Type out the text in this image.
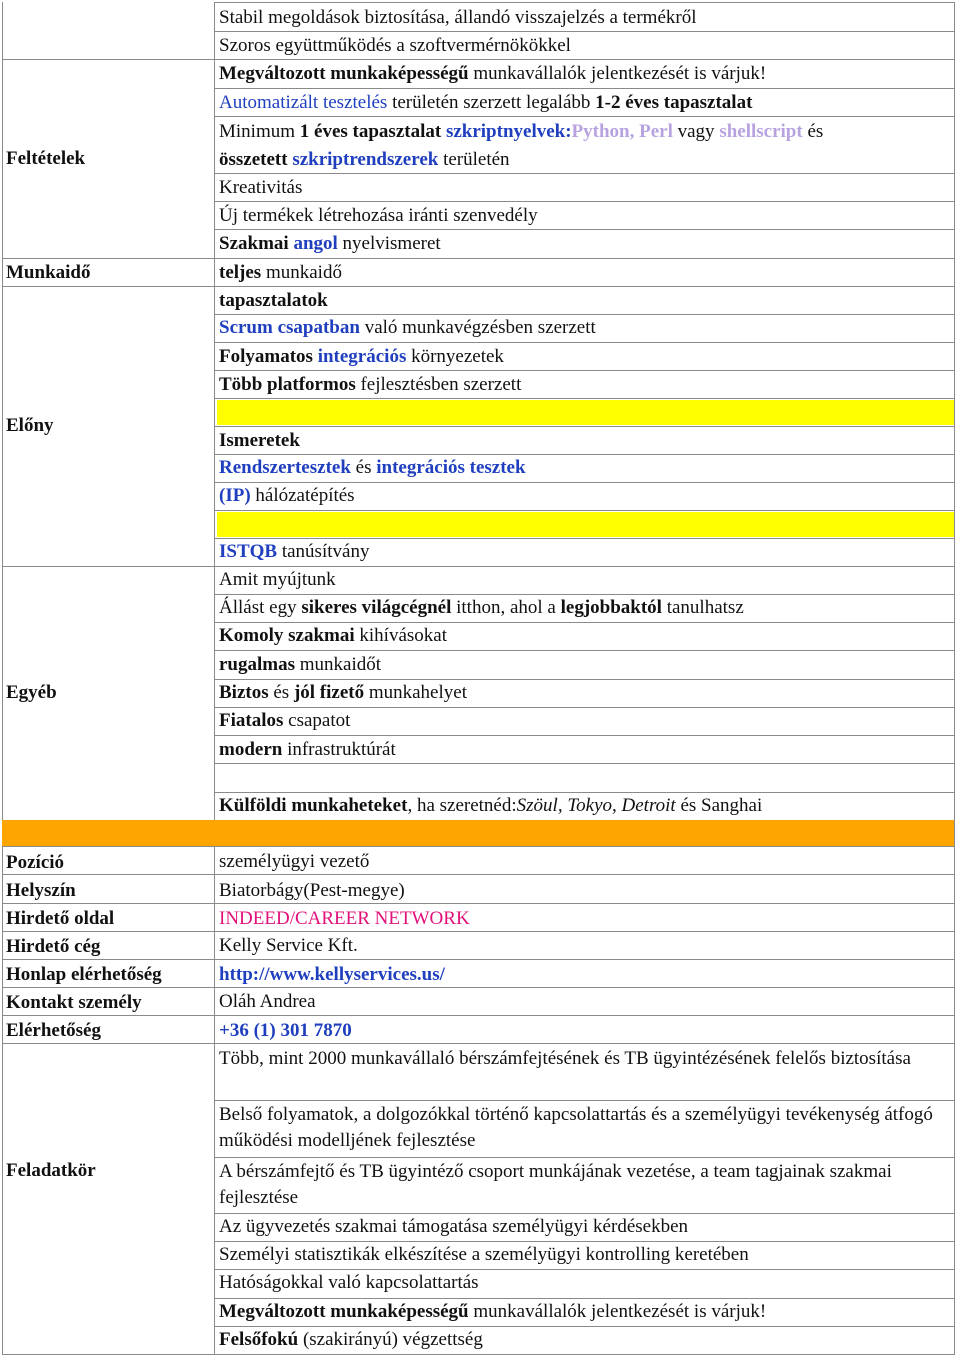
Feltételek
Munkaidő
Előny
Egyéb
Pozíció
Helyszín
Hirdető oldal
Hirdető cég
Honlap elérhetőség
Kontakt személy
Elérhetőség
Feladatkör
Stabil megoldások biztosítása, állandó visszajelzés a termékről
Szoros együttműködés a szoftvermérnökökkel
Megváltozott munkaképességű munkavállalók jelentkezését is várjuk!
Automatizált tesztelés területén szerzett legalább 1-2 éves tapasztalat
Minimum 1 éves tapasztalat szkriptnyelvek:Python, Perl vagy shellscript és
összetett szkriptrendszerek területén
Kreativitás
Új termékek létrehozása iránti szenvedély
Szakmai angol nyelvismeret
teljes munkaidő
tapasztalatok
Scrum csapatban való munkavégzésben szerzett
Folyamatos integrációs környezetek
Több platformos fejlesztésben szerzett
Ismeretek
Rendszertesztek és integrációs tesztek
(IP) hálózatépítés
ISTQB tanúsítvány
Amit myújtunk
Állást egy sikeres világcégnél itthon, ahol a legjobbaktól tanulhatsz
Komoly szakmai kihívásokat
rugalmas munkaidőt
Biztos és jól fizető munkahelyet
Fiatalos csapatot
modern infrastruktúrát
Külföldi munkaheteket, ha szeretnéd:Szöul, Tokyo, Detroit és Sanghai
személyügyi vezető
Biatorbágy(Pest-megye)
INDEED/CAREER NETWORK
Kelly Service Kft.
http://www.kellyservices.us/
Oláh Andrea
+36 (1) 301 7870
Több, mint 2000 munkavállaló bérszámfejtésének és TB ügyintézésének felelős biztosítása
Belső folyamatok, a dolgozókkal történő kapcsolattartás és a személyügyi tevékenység átfogó működési modelljének fejlesztése
A bérszámfejtő és TB ügyintéző csoport munkájának vezetése, a team tagjainak szakmai fejlesztése
Az ügyvezetés szakmai támogatása személyügyi kérdésekben
Személyi statisztikák elkészítése a személyügyi kontrolling keretében
Hatóságokkal való kapcsolattartás
Megváltozott munkaképességű munkavállalók jelentkezését is várjuk!
Felsőfokú (szakirányú) végzettség
